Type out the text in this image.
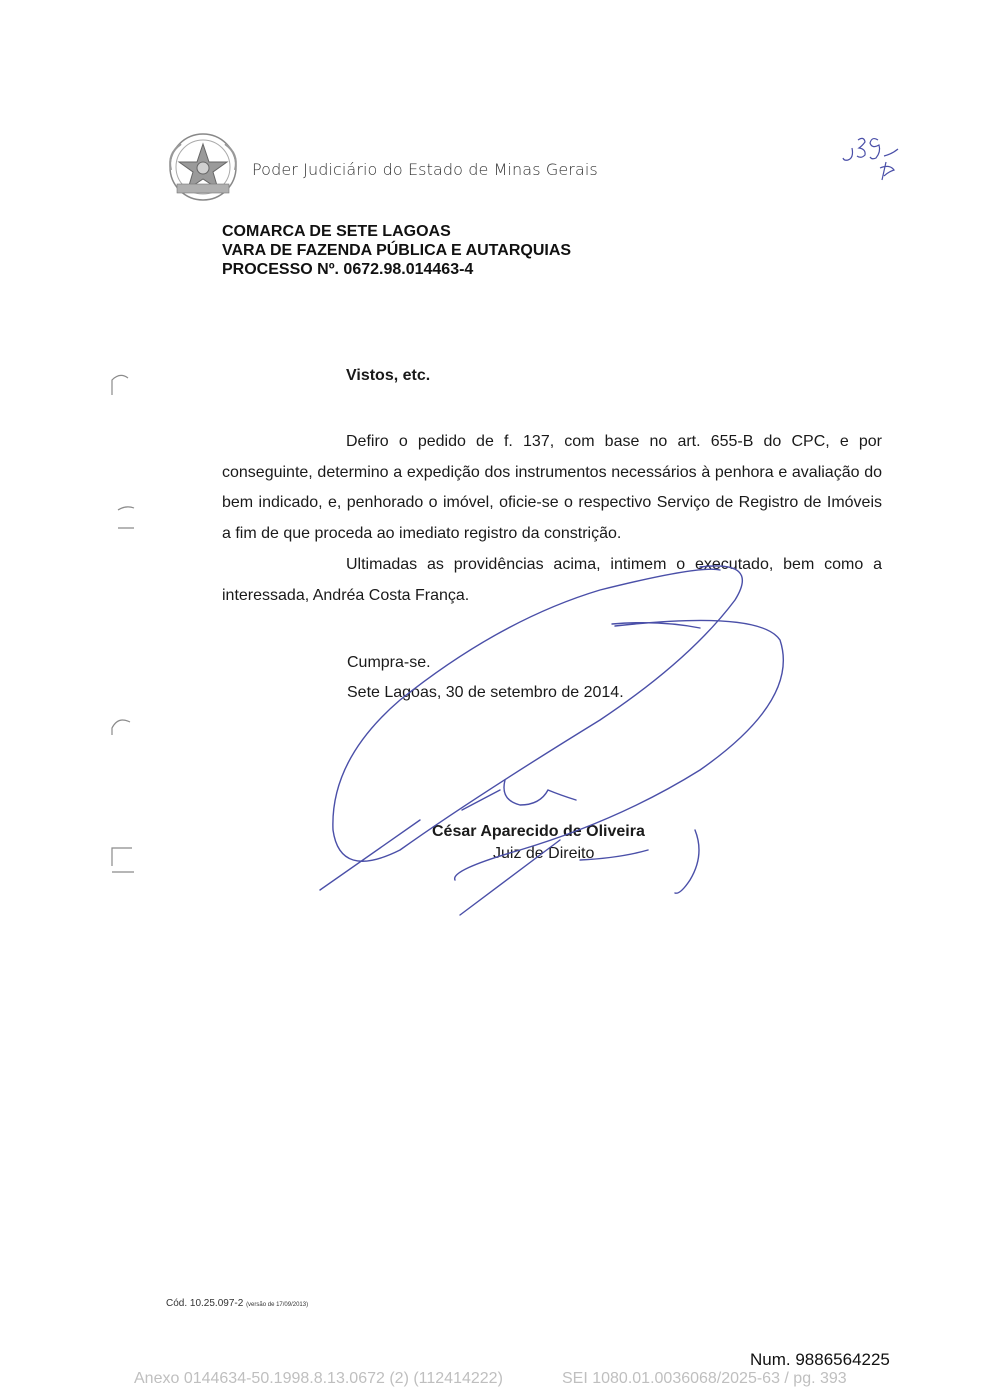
Poder Judiciário do Estado de Minas Gerais
COMARCA DE SETE LAGOAS
VARA DE FAZENDA PÚBLICA E AUTARQUIAS
PROCESSO Nº. 0672.98.014463-4
Vistos, etc.

Defiro o pedido de f. 137, com base no art. 655-B do CPC, e por conseguinte, determino a expedição dos instrumentos necessários à penhora e avaliação do bem indicado, e, penhorado o imóvel, oficie-se o respectivo Serviço de Registro de Imóveis a fim de que proceda ao imediato registro da constrição.

Ultimadas as providências acima, intimem o executado, bem como a interessada, Andréa Costa França.

Cumpra-se.
Sete Lagoas, 30 de setembro de 2014.
César Aparecido de Oliveira
Juiz de Direito
Cód. 10.25.097-2 (versão de 17/09/2013)
Num. 9886564225
Anexo 0144634-50.1998.8.13.0672 (2) (112414222)	SEI 1080.01.0036068/2025-63 / pg. 393
